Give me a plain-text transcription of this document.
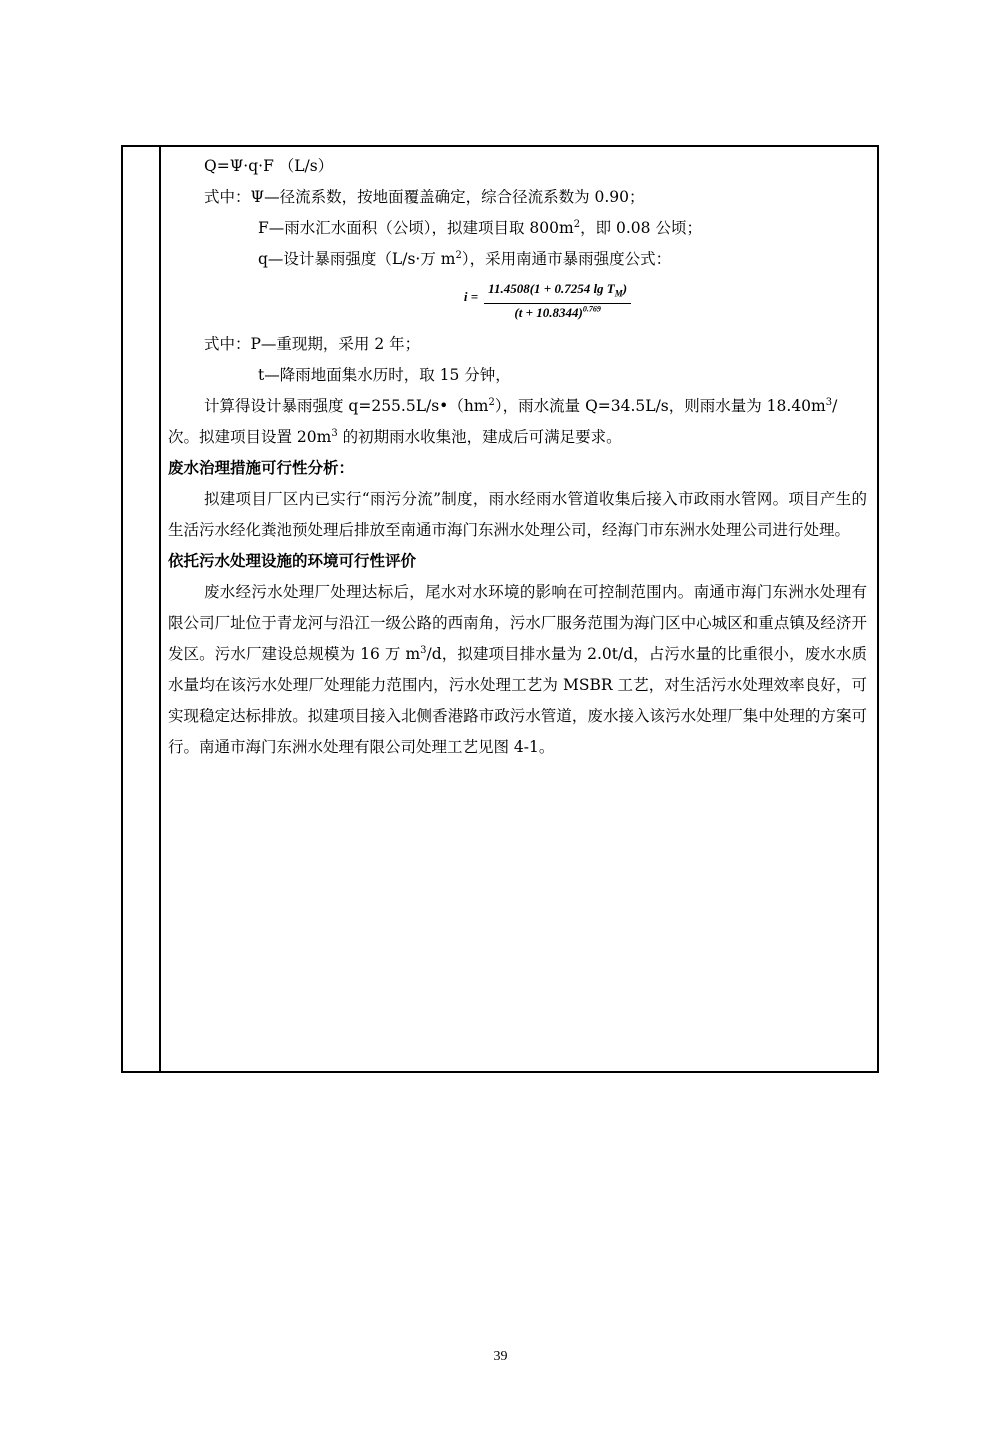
Q=Ψ·q·F （L/s）
式中：Ψ—径流系数，按地面覆盖确定，综合径流系数为 0.90；
F—雨水汇水面积（公顷），拟建项目取 $800m^2$，即 0.08 公顷；
q—设计暴雨强度（L/s·万 $m^2$），采用南通市暴雨强度公式：
$i = \frac{11.4508(1 + 0.7254 \lg T_M)}{(t + 10.8344)^{0.769}}$
式中：P—重现期，采用 2 年；
t—降雨地面集水历时，取 15 分钟，
计算得设计暴雨强度 $q=255.5L/s•(hm^2)$，雨水流量 Q=34.5L/s，则雨水量为 $18.40m^3/$
次。拟建项目设置 $20m^3$ 的初期雨水收集池，建成后可满足要求。
废水治理措施可行性分析：

拟建项目厂区内已实行“雨污分流”制度，雨水经雨水管道收集后接入市政雨水管网。项目产生的生活污水经化粪池预处理后排放至南通市海门东洲水处理公司，经海门市东洲水处理公司进行处理。

依托污水处理设施的环境可行性评价

废水经污水处理厂处理达标后，尾水对水环境的影响在可控制范围内。南通市海门东洲水处理有限公司厂址位于青龙河与沿江一级公路的西南角，污水厂服务范围为海门区中心城区和重点镇及经济开发区。污水厂建设总规模为 16 万 $m^3/d$，拟建项目排水量为 2.0t/d，占污水量的比重很小，废水水质水量均在该污水处理厂处理能力范围内，污水处理工艺为 MSBR 工艺，对生活污水处理效率良好，可实现稳定达标排放。拟建项目接入北侧香港路市政污水管道，废水接入该污水处理厂集中处理的方案可行。南通市海门东洲水处理有限公司处理工艺见图 4-1。

39
